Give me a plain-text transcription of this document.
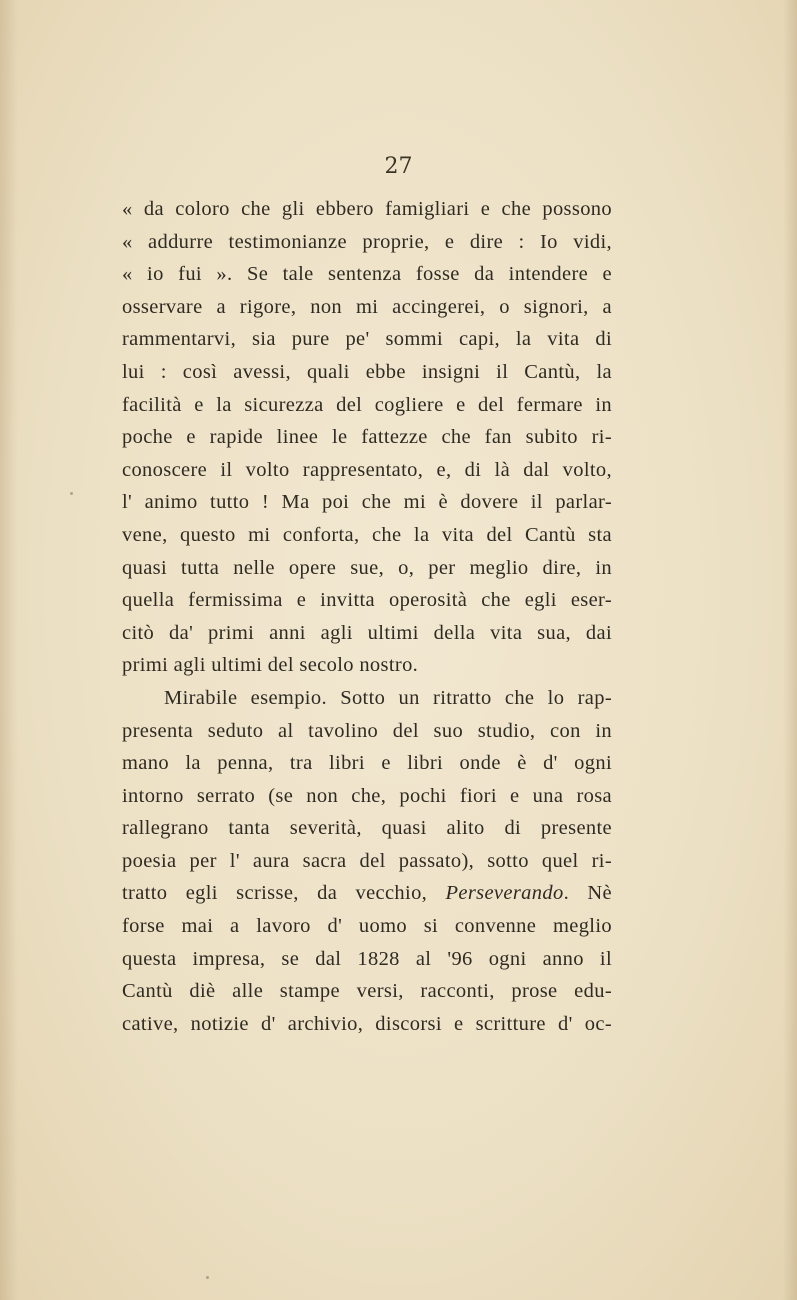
27
« da coloro che gli ebbero famigliari e che possono
« addurre testimonianze proprie, e dire : Io vidi,
« io fui ». Se tale sentenza fosse da intendere e
osservare a rigore, non mi accingerei, o signori, a
rammentarvi, sia pure pe' sommi capi, la vita di
lui : così avessi, quali ebbe insigni il Cantù, la
facilità e la sicurezza del cogliere e del fermare in
poche e rapide linee le fattezze che fan subito ri-
conoscere il volto rappresentato, e, di là dal volto,
l' animo tutto ! Ma poi che mi è dovere il parlar-
vene, questo mi conforta, che la vita del Cantù sta
quasi tutta nelle opere sue, o, per meglio dire, in
quella fermissima e invitta operosità che egli eser-
citò da' primi anni agli ultimi della vita sua, dai
primi agli ultimi del secolo nostro.
Mirabile esempio. Sotto un ritratto che lo rap-
presenta seduto al tavolino del suo studio, con in
mano la penna, tra libri e libri onde è d' ogni
intorno serrato (se non che, pochi fiori e una rosa
rallegrano tanta severità, quasi alito di presente
poesia per l' aura sacra del passato), sotto quel ri-
tratto egli scrisse, da vecchio, Perseverando. Nè
forse mai a lavoro d' uomo si convenne meglio
questa impresa, se dal 1828 al '96 ogni anno il
Cantù diè alle stampe versi, racconti, prose edu-
cative, notizie d' archivio, discorsi e scritture d' oc-
